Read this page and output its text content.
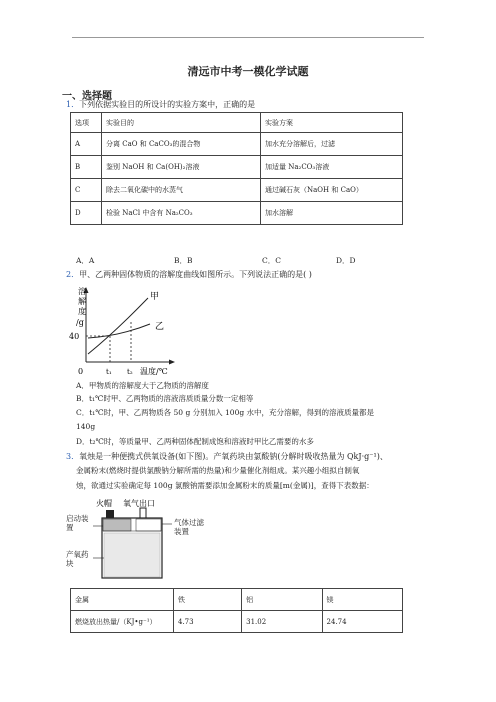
清远市中考一模化学试题
一、选择题
1．下列依据实验目的所设计的实验方案中，正确的是
选项	实验目的	实验方案
A	分离 CaO 和 CaCO₃的混合物	加水充分溶解后，过滤
B	鉴别 NaOH 和 Ca(OH)₂溶液	加适量 Na₂CO₃溶液
C	除去二氧化碳中的水蒸气	通过碱石灰（NaOH 和 CaO）
D	检验 NaCl 中含有 Na₂CO₃	加水溶解
A．A	B．B	C．C	D．D
2．甲、乙两种固体物质的溶解度曲线如图所示。下列说法正确的是( )
溶
解
度
/g
40
0
甲
乙
t₁ t₂ 温度/℃
A．甲物质的溶解度大于乙物质的溶解度
B．t₁℃时甲、乙两物质的溶液溶质质量分数一定相等
C．t₁℃时，甲、乙两物质各 50 g 分别加入 100g 水中，充分溶解，得到的溶液质量都是
140g
D．t₂℃时，等质量甲、乙两种固体配制成饱和溶液时甲比乙需要的水多
3．氧烛是一种便携式供氧设备(如下图)。产氧药块由氯酸钠(分解时吸收热量为 QkJ·g⁻¹)、
金属粉末(燃烧时提供氯酸钠分解所需的热量)和少量催化剂组成。某兴趣小组拟自制氧
烛，欲通过实验确定每 100g 氯酸钠需要添加金属粉末的质量[m(金属)]，查得下表数据：
火帽 氧气出口
启动装置
气体过滤装置
产氧药块
金属	铁	铝	镁
燃烧放出热量/（KJ•g⁻¹）	4.73	31.02	24.74
